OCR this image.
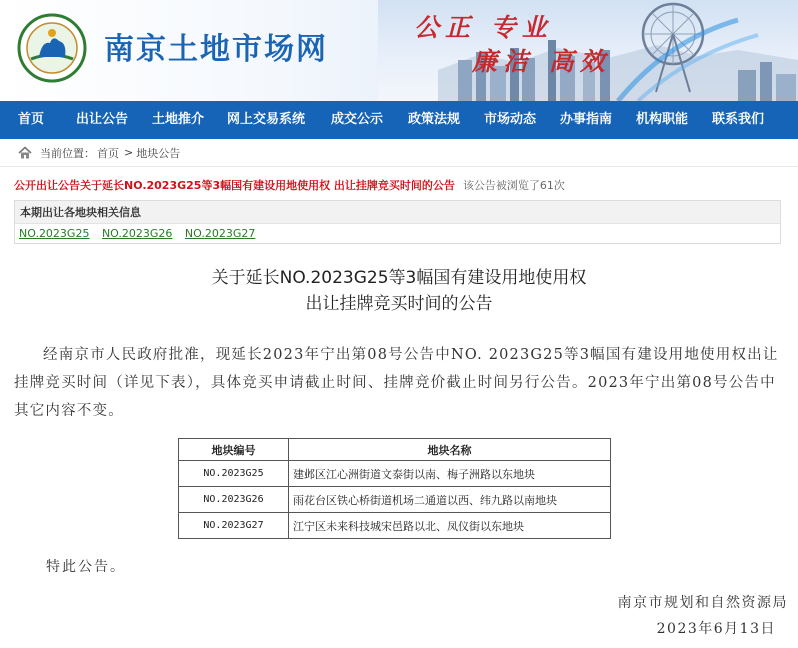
南京土地市场网
公正 专业
廉洁 高效
首页	出让公告	土地推介	网上交易系统	成交公示	政策法规	市场动态	办事指南	机构职能	联系我们
当前位置： 首页 > 地块公告
公开出让公告关于延长NO.2023G25等3幅国有建设用地使用权 出让挂牌竞买时间的公告 该公告被浏览了61次
本期出让各地块相关信息
NO.2023G25 NO.2023G26 NO.2023G27
关于延长NO.2023G25等3幅国有建设用地使用权
出让挂牌竞买时间的公告
经南京市人民政府批准，现延长2023年宁出第08号公告中NO. 2023G25等3幅国有建设用地使用权出让挂牌竞买时间（详见下表），具体竞买申请截止时间、挂牌竞价截止时间另行公告。2023年宁出第08号公告中其它内容不变。
地块编号	地块名称
NO.2023G25	建邺区江心洲街道文泰街以南、梅子洲路以东地块
NO.2023G26	雨花台区铁心桥街道机场二通道以西、纬九路以南地块
NO.2023G27	江宁区未来科技城宋邑路以北、凤仪街以东地块
特此公告。
南京市规划和自然资源局
2023年6月13日
